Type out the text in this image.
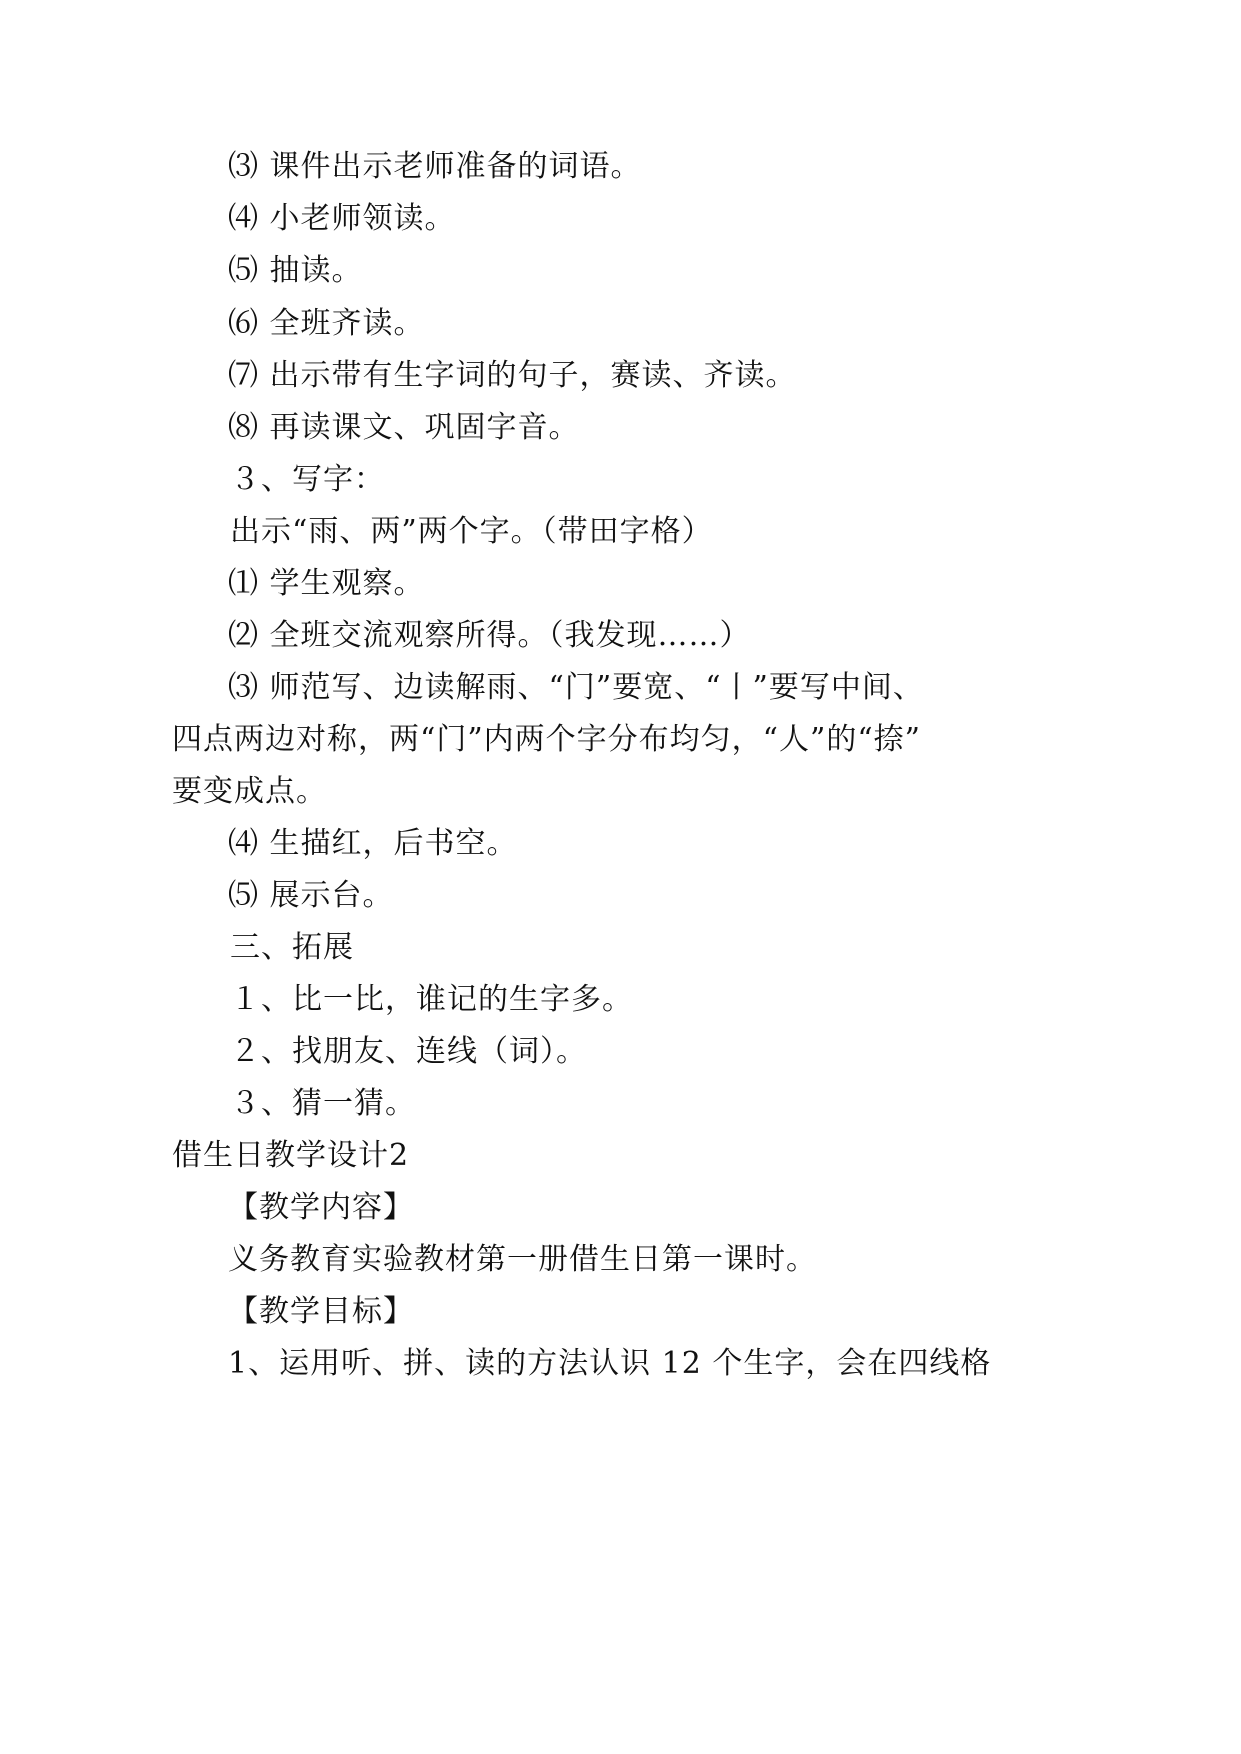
⑶ 课件出示老师准备的词语。
⑷ 小老师领读。
⑸ 抽读。
⑹ 全班齐读。
⑺ 出示带有生字词的句子，赛读、齐读。
⑻ 再读课文、巩固字音。
３、写字：
出示“雨、两”两个字。（带田字格）
⑴ 学生观察。
⑵ 全班交流观察所得。（我发现……）
⑶ 师范写、边读解雨、“门”要宽、“丨”要写中间、
四点两边对称，两“门”内两个字分布均匀，“人”的“捺”
要变成点。
⑷ 生描红，后书空。
⑸ 展示台。
三、拓展
１、比一比，谁记的生字多。
２、找朋友、连线（词）。
３、猜一猜。
借生日教学设计2
【教学内容】
义务教育实验教材第一册借生日第一课时。
【教学目标】
1、运用听、拼、读的方法认识 12 个生字，会在四线格
